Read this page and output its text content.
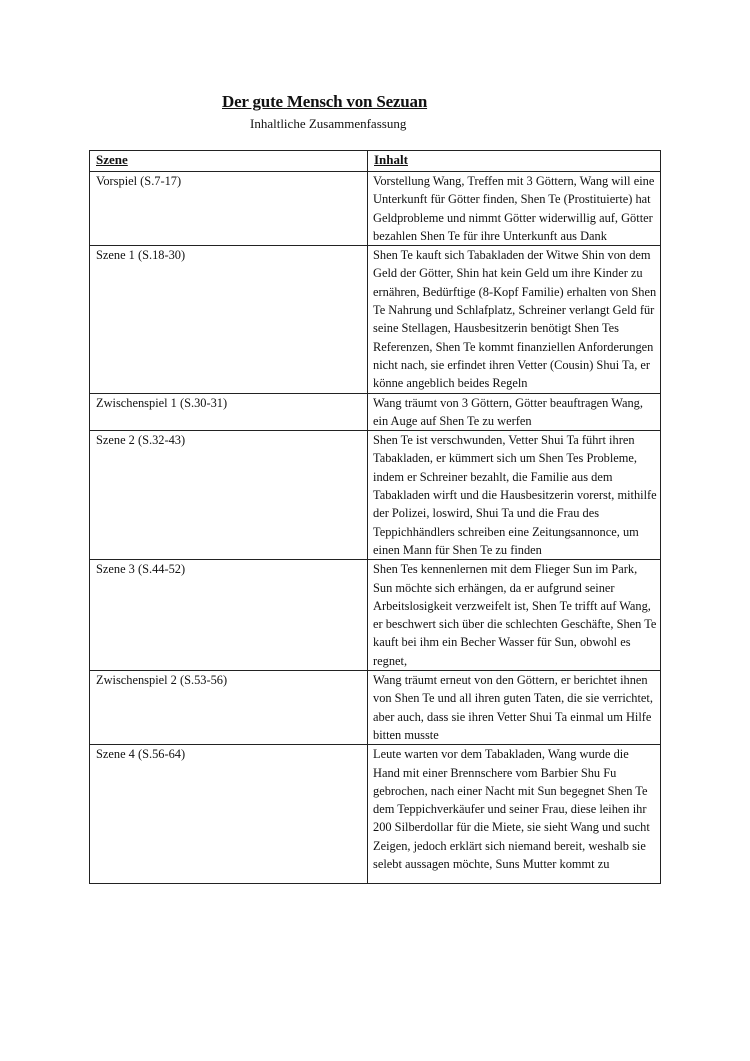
Der gute Mensch von Sezuan
Inhaltliche Zusammenfassung
Szene	Inhalt
Vorspiel (S.7-17)	Vorstellung Wang, Treffen mit 3 Göttern, Wang will eine Unterkunft für Götter finden, Shen Te (Prostituierte) hat Geldprobleme und nimmt Götter widerwillig auf, Götter bezahlen Shen Te für ihre Unterkunft aus Dank
Szene 1 (S.18-30)	Shen Te kauft sich Tabakladen der Witwe Shin von dem Geld der Götter, Shin hat kein Geld um ihre Kinder zu ernähren, Bedürftige (8-Kopf Familie) erhalten von Shen Te Nahrung und Schlafplatz, Schreiner verlangt Geld für seine Stellagen, Hausbesitzerin benötigt Shen Tes Referenzen, Shen Te kommt finanziellen Anforderungen nicht nach, sie erfindet ihren Vetter (Cousin) Shui Ta, er könne angeblich beides Regeln
Zwischenspiel 1 (S.30-31)	Wang träumt von 3 Göttern, Götter beauftragen Wang, ein Auge auf Shen Te zu werfen
Szene 2 (S.32-43)	Shen Te ist verschwunden, Vetter Shui Ta führt ihren Tabakladen, er kümmert sich um Shen Tes Probleme, indem er Schreiner bezahlt, die Familie aus dem Tabakladen wirft und die Hausbesitzerin vorerst, mithilfe der Polizei, loswird, Shui Ta und die Frau des Teppichhändlers schreiben eine Zeitungsannonce, um einen Mann für Shen Te zu finden
Szene 3 (S.44-52)	Shen Tes kennenlernen mit dem Flieger Sun im Park, Sun möchte sich erhängen, da er aufgrund seiner Arbeitslosigkeit verzweifelt ist, Shen Te trifft auf Wang, er beschwert sich über die schlechten Geschäfte, Shen Te kauft bei ihm ein Becher Wasser für Sun, obwohl es regnet,
Zwischenspiel 2 (S.53-56)	Wang träumt erneut von den Göttern, er berichtet ihnen von Shen Te und all ihren guten Taten, die sie verrichtet, aber auch, dass sie ihren Vetter Shui Ta einmal um Hilfe bitten musste
Szene 4 (S.56-64)	Leute warten vor dem Tabakladen, Wang wurde die Hand mit einer Brennschere vom Barbier Shu Fu gebrochen, nach einer Nacht mit Sun begegnet Shen Te dem Teppichverkäufer und seiner Frau, diese leihen ihr 200 Silberdollar für die Miete, sie sieht Wang und sucht Zeigen, jedoch erklärt sich niemand bereit, weshalb sie selebt aussagen möchte, Suns Mutter kommt zu
